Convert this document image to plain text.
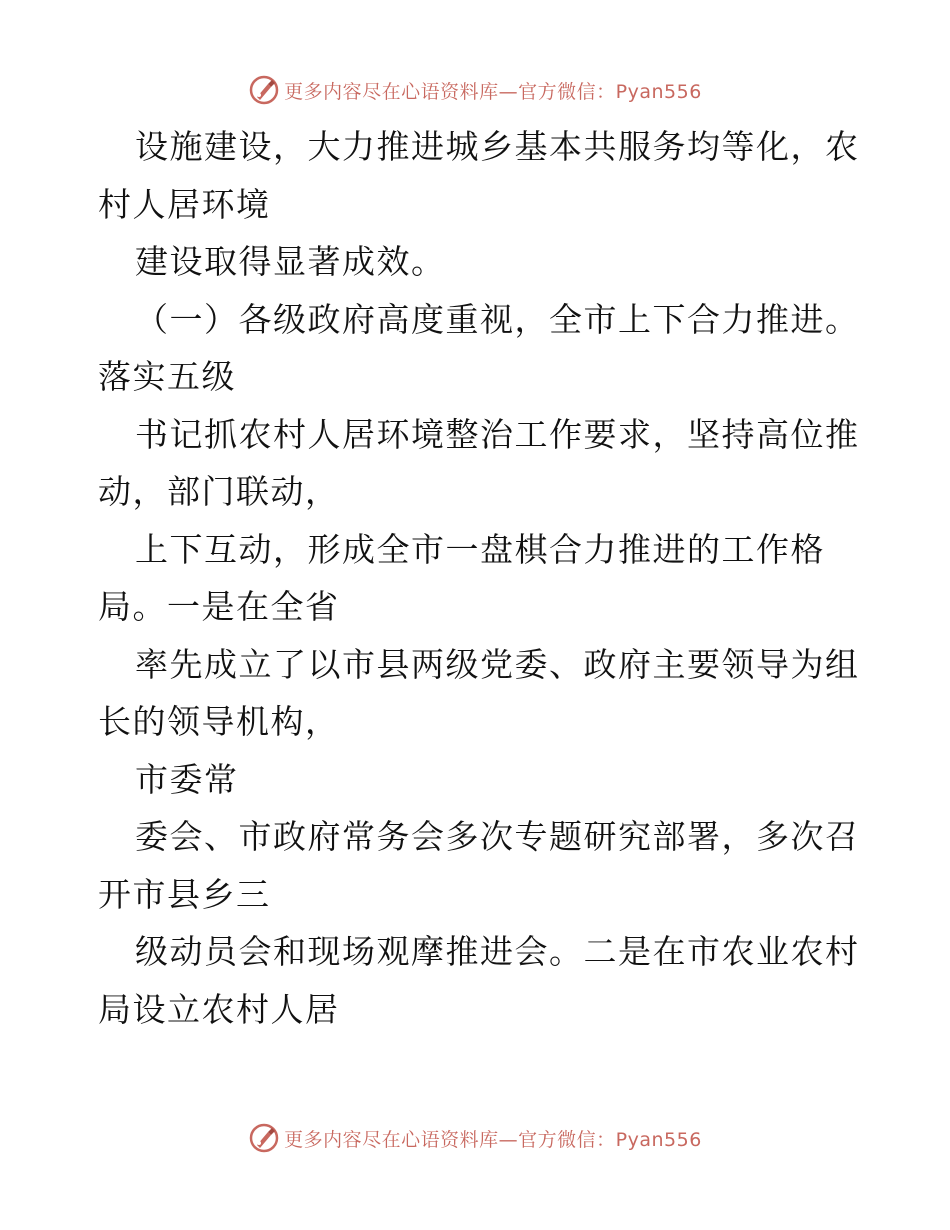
更多内容尽在心语资料库—官方微信：Pyan556
设施建设，大力推进城乡基本共服务均等化，农
村人居环境
建设取得显著成效。
（一）各级政府高度重视，全市上下合力推进。
落实五级
书记抓农村人居环境整治工作要求，坚持高位推
动，部门联动，
上下互动，形成全市一盘棋合力推进的工作格
局。一是在全省
率先成立了以市县两级党委、政府主要领导为组
长的领导机构，
市委常
委会、市政府常务会多次专题研究部署，多次召
开市县乡三
级动员会和现场观摩推进会。二是在市农业农村
局设立农村人居
更多内容尽在心语资料库—官方微信：Pyan556
